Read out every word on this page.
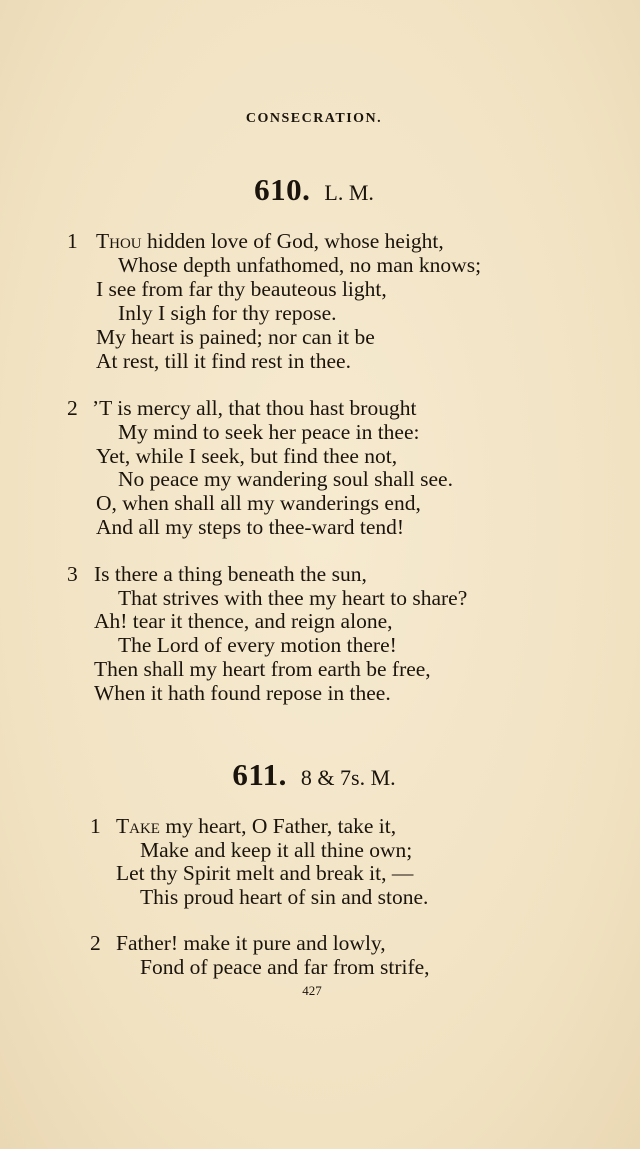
CONSECRATION.
610. L. M.
1 Thou hidden love of God, whose height,
Whose depth unfathomed, no man knows;
I see from far thy beauteous light,
Inly I sigh for thy repose.
My heart is pained; nor can it be
At rest, till it find rest in thee.
2 ’T is mercy all, that thou hast brought
My mind to seek her peace in thee:
Yet, while I seek, but find thee not,
No peace my wandering soul shall see.
O, when shall all my wanderings end,
And all my steps to thee-ward tend!
3 Is there a thing beneath the sun,
That strives with thee my heart to share?
Ah! tear it thence, and reign alone,
The Lord of every motion there!
Then shall my heart from earth be free,
When it hath found repose in thee.
611. 8 & 7s. M.
1 Take my heart, O Father, take it,
Make and keep it all thine own;
Let thy Spirit melt and break it, —
This proud heart of sin and stone.
2 Father! make it pure and lowly,
Fond of peace and far from strife,
427
